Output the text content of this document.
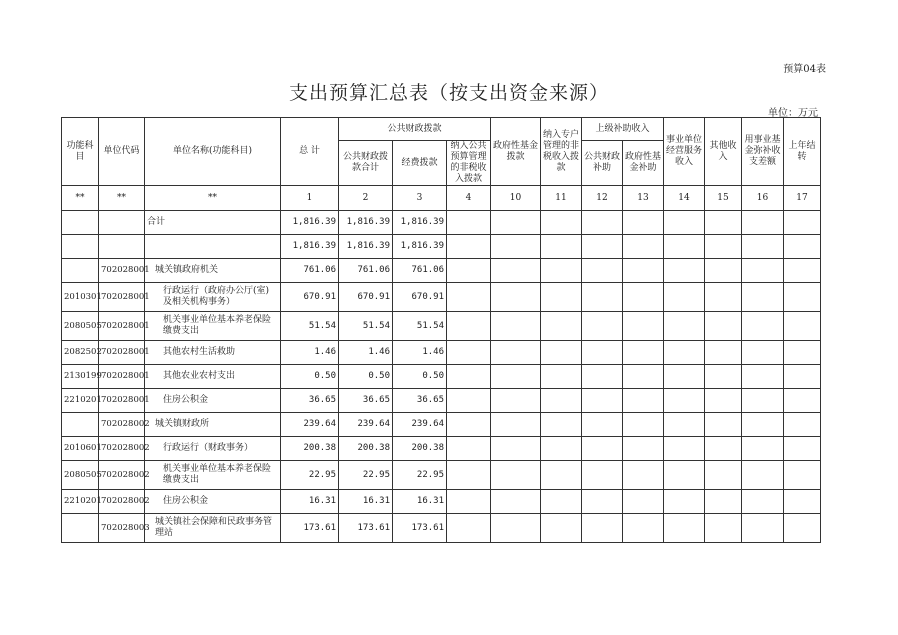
预算04表
支出预算汇总表（按支出资金来源）
单位：万元
功能科目	单位代码	单位名称(功能科目)	总 计	公共财政拨款			政府性基金拨款	纳入专户管理的非税收入拨款	上级补助收入		事业单位经营服务收入	其他收入	用事业基金弥补收支差额	上年结转
				公共财政拨款合计	经费拨款	纳入公共预算管理的非税收入拨款								
									公共财政补助	政府性基金补助				
**	**	**	1	2	3	4	10	11	12	13	14	15	16	17
		合计	1,816.39	1,816.39	1,816.39									
			1,816.39	1,816.39	1,816.39									
	702028001	城关镇政府机关	761.06	761.06	761.06									
2010301	702028001	行政运行（政府办公厅(室)及相关机构事务）	670.91	670.91	670.91									
2080505	702028001	机关事业单位基本养老保险缴费支出	51.54	51.54	51.54									
2082502	702028001	其他农村生活救助	1.46	1.46	1.46									
2130199	702028001	其他农业农村支出	0.50	0.50	0.50									
2210201	702028001	住房公积金	36.65	36.65	36.65									
	702028002	城关镇财政所	239.64	239.64	239.64									
2010601	702028002	行政运行（财政事务）	200.38	200.38	200.38									
2080505	702028002	机关事业单位基本养老保险缴费支出	22.95	22.95	22.95									
2210201	702028002	住房公积金	16.31	16.31	16.31									
	702028003	城关镇社会保障和民政事务管理站	173.61	173.61	173.61									
